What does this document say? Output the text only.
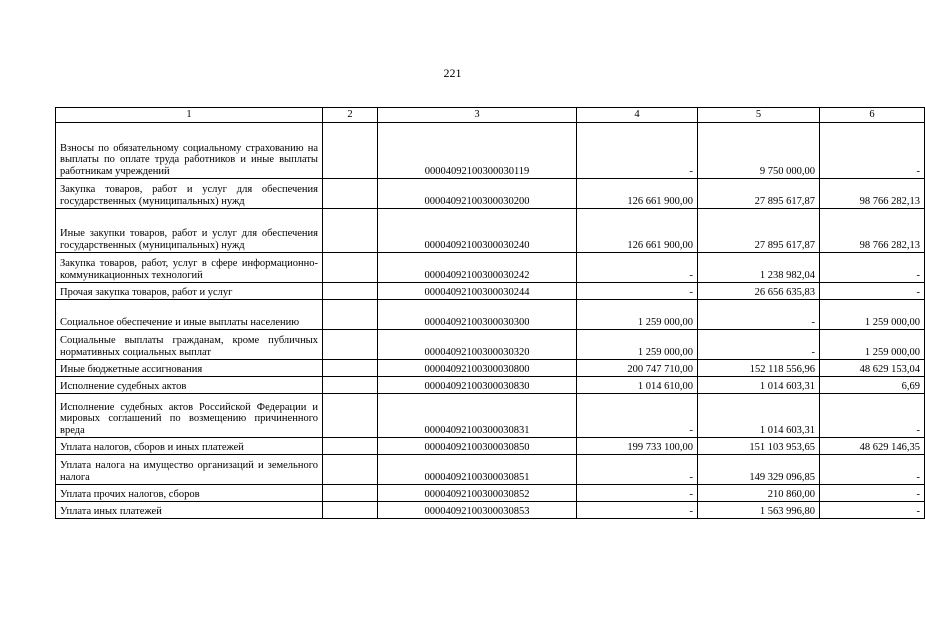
221
1	2	3	4	5	6
Взносы по обязательному социальному страхованию на выплаты по оплате труда работников и иные выплаты работникам учреждений		00004092100300030119	-	9 750 000,00	-
Закупка товаров, работ и услуг для обеспечения государственных (муниципальных) нужд		00004092100300030200	126 661 900,00	27 895 617,87	98 766 282,13
Иные закупки товаров, работ и услуг для обеспечения государственных (муниципальных) нужд		00004092100300030240	126 661 900,00	27 895 617,87	98 766 282,13
Закупка товаров, работ, услуг в сфере информационно-коммуникационных технологий		00004092100300030242	-	1 238 982,04	-
Прочая закупка товаров, работ и услуг		00004092100300030244	-	26 656 635,83	-
Социальное обеспечение и иные выплаты населению		00004092100300030300	1 259 000,00	-	1 259 000,00
Социальные выплаты гражданам, кроме публичных нормативных социальных выплат		00004092100300030320	1 259 000,00	-	1 259 000,00
Иные бюджетные ассигнования		00004092100300030800	200 747 710,00	152 118 556,96	48 629 153,04
Исполнение судебных актов		00004092100300030830	1 014 610,00	1 014 603,31	6,69
Исполнение судебных актов Российской Федерации и мировых соглашений по возмещению причиненного вреда		00004092100300030831	-	1 014 603,31	-
Уплата налогов, сборов и иных платежей		00004092100300030850	199 733 100,00	151 103 953,65	48 629 146,35
Уплата налога на имущество организаций и земельного налога		00004092100300030851	-	149 329 096,85	-
Уплата прочих налогов, сборов		00004092100300030852	-	210 860,00	-
Уплата иных платежей		00004092100300030853	-	1 563 996,80	-
